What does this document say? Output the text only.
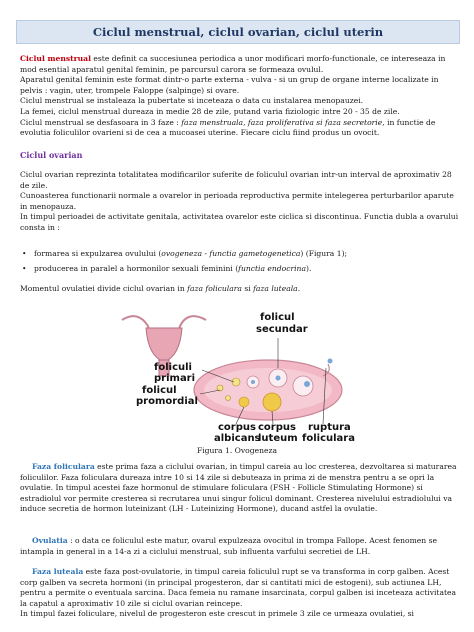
Ciclul menstrual, ciclul ovarian, ciclul uterin

Ciclul menstrual este definit ca succesiunea periodica a unor modificari morfo-functionale, ce intereseaza in mod esential aparatul genital feminin, pe parcursul carora se formeaza ovulul.
Aparatul genital feminin este format dintr-o parte externa - vulva - si un grup de organe interne localizate in pelvis : vagin, uter, trompele Faloppe (salpinge) si ovare.
Ciclul menstrual se instaleaza la pubertate si inceteaza o data cu instalarea menopauzei.
La femei, ciclul menstrual dureaza in medie 28 de zile, putand varia fiziologic intre 20 - 35 de zile.
Ciclul menstrual se desfasoara in 3 faze : faza menstruala, faza proliferativa si faza secretorie, in functie de evolutia foliculilor ovarieni si de cea a mucoasei uterine. Fiecare ciclu fiind produs un ovocit.

Ciclul ovarian

Ciclul ovarian reprezinta totalitatea modificarilor suferite de foliculul ovarian intr-un interval de aproximativ 28 de zile.
Cunoasterea functionarii normale a ovarelor in perioada reproductiva permite intelegerea perturbarilor aparute in menopauza.
In timpul perioadei de activitate genitala, activitatea ovarelor este ciclica si discontinua. Functia dubla a ovarului consta in :

• formarea si expulzarea ovulului (ovogeneza - functia gametogenetica) (Figura 1);
• producerea in paralel a hormonilor sexuali feminini (functia endocrina).

Momentul ovulatiei divide ciclul ovarian in faza foliculara si faza luteala.

folicul
secundar
foliculi
primari
folicul
promordial
corpus
albicans
corpus
luteum
ruptura
foliculara
Figura 1. Ovogeneza

Faza foliculara este prima faza a ciclului ovarian, in timpul careia au loc cresterea, dezvoltarea si maturarea foliculilor. Faza foliculara dureaza intre 10 si 14 zile si debuteaza in prima zi de menstra pentru a se opri la ovulatie. In timpul acestei faze hormonul de stimulare foliculara (FSH - Follicle Stimulating Hormone) si estradiolul vor permite cresterea si recrutarea unui singur folicul dominant. Cresterea nivelului estradiolului va induce secretia de hormon luteinizant (LH - Luteinizing Hormone), ducand astfel la ovulatie.

Ovulatia : o data ce foliculul este matur, ovarul expulzeaza ovocitul in trompa Fallope. Acest fenomen se intampla in general in a 14-a zi a ciclului menstrual, sub influenta varfului secretiei de LH.

Faza luteala este faza post-ovulatorie, in timpul careia foliculul rupt se va transforma in corp galben. Acest corp galben va secreta hormoni (in principal progesteron, dar si cantitati mici de estogeni), sub actiunea LH, pentru a permite o eventuala sarcina. Daca femeia nu ramane insarcinata, corpul galben isi inceteaza activitatea la capatul a aproximativ 10 zile si ciclul ovarian reincepe.
In timpul fazei foliculare, nivelul de progesteron este crescut in primele 3 zile ce urmeaza ovulatiei, si
